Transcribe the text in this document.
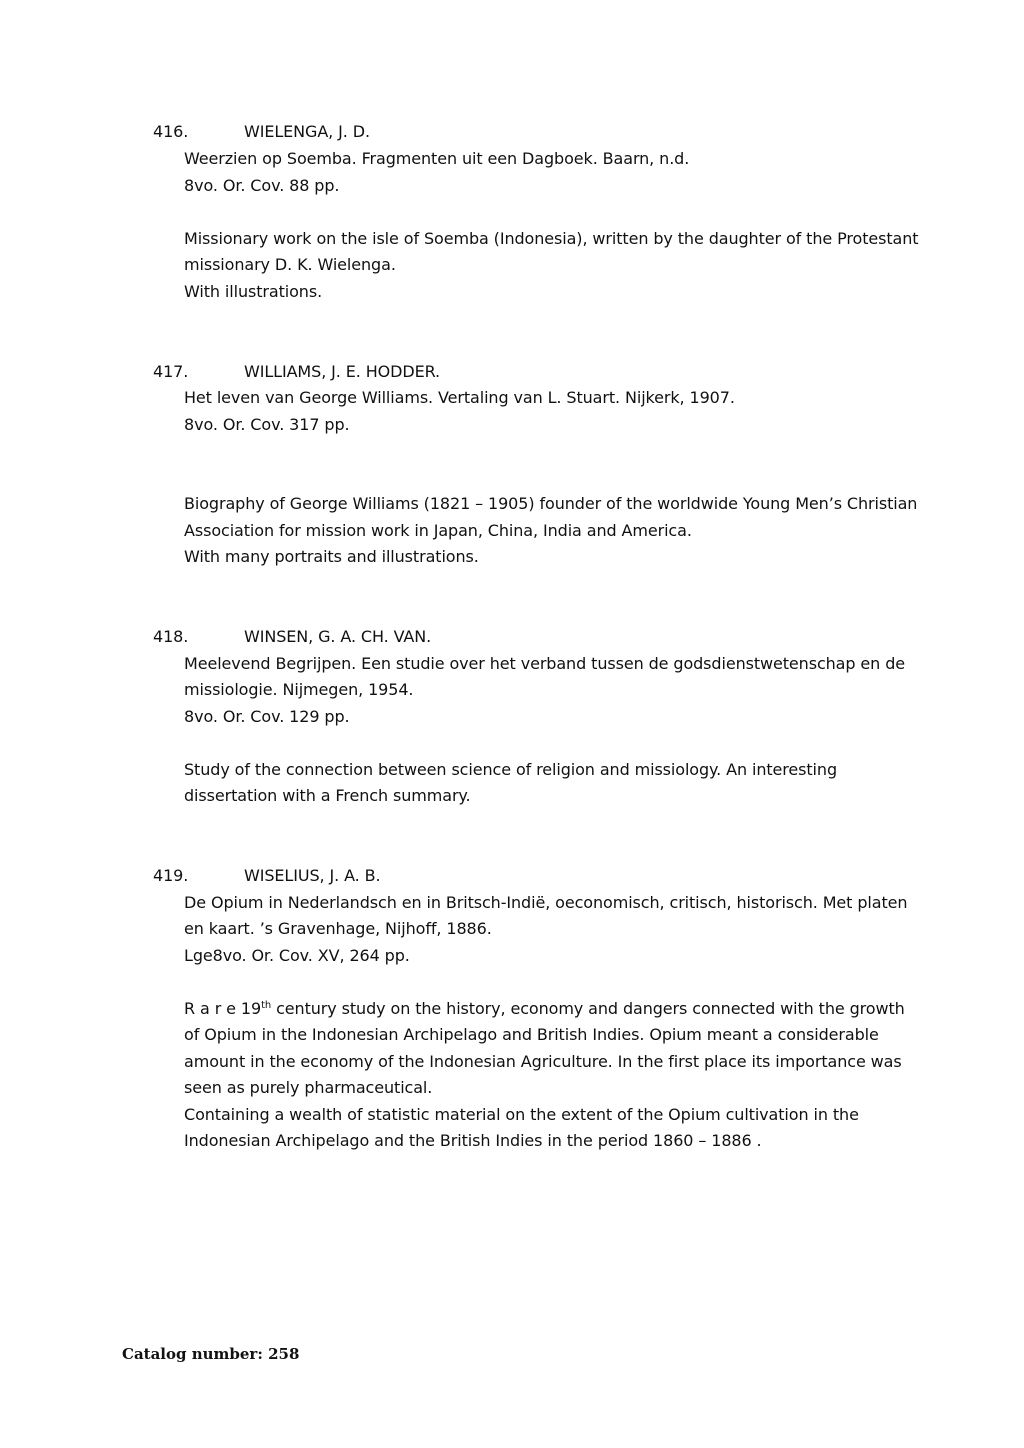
416.	WIELENGA, J. D.
Weerzien op Soemba. Fragmenten uit een Dagboek. Baarn, n.d.
8vo. Or. Cov. 88 pp.
Missionary work on the isle of Soemba (Indonesia), written by the daughter of the Protestant
missionary D. K. Wielenga.
With illustrations.
417.	WILLIAMS, J. E. HODDER.
Het leven van George Williams. Vertaling van L. Stuart. Nijkerk, 1907.
8vo. Or. Cov. 317 pp.
Biography of George Williams (1821 – 1905) founder of the worldwide Young Men’s Christian
Association for mission work in Japan, China, India and America.
With many portraits and illustrations.
418.	WINSEN, G. A. CH. VAN.
Meelevend Begrijpen. Een studie over het verband tussen de godsdienstwetenschap en de
missiologie. Nijmegen, 1954.
8vo. Or. Cov. 129 pp.
Study of the connection between science of religion and missiology. An interesting
dissertation with a French summary.
419.	WISELIUS, J. A. B.
De Opium in Nederlandsch en in Britsch-Indië, oeconomisch, critisch, historisch. Met platen
en kaart. ’s Gravenhage, Nijhoff, 1886.
Lge8vo. Or. Cov. XV, 264 pp.
R a r e 19th century study on the history, economy and dangers connected with the growth
of Opium in the Indonesian Archipelago and British Indies. Opium meant a considerable
amount in the economy of the Indonesian Agriculture. In the first place its importance was
seen as purely pharmaceutical.
Containing a wealth of statistic material on the extent of the Opium cultivation in the
Indonesian Archipelago and the British Indies in the period 1860 – 1886 .
Catalog number: 258
